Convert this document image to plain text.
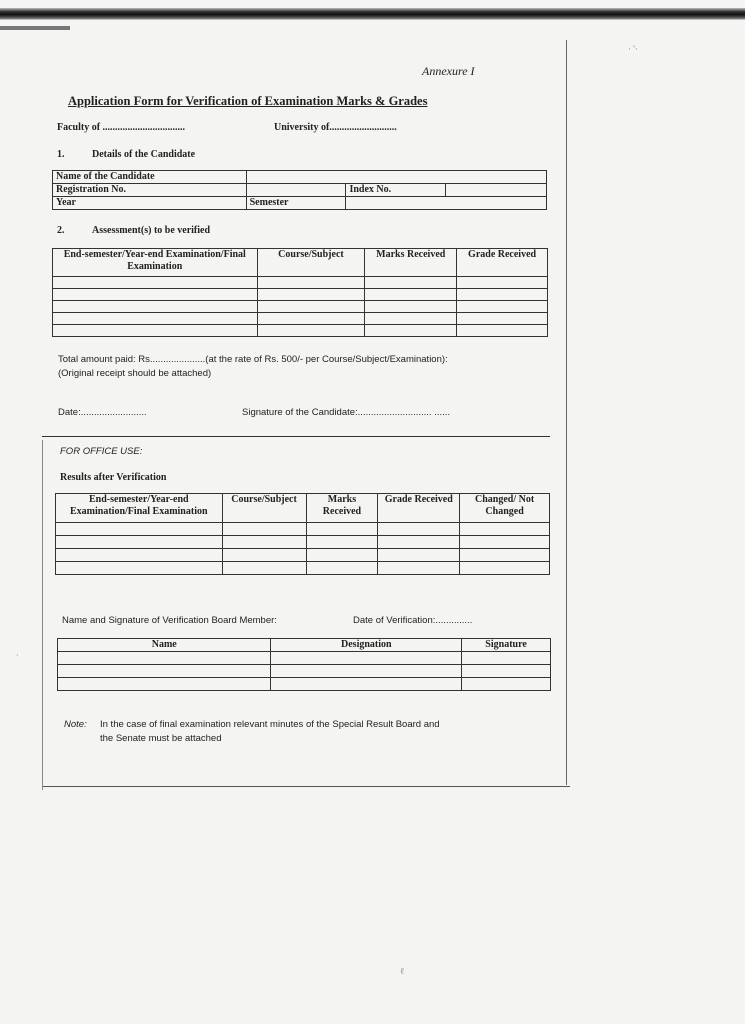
Annexure I
Application Form for Verification of Examination Marks & Grades
Faculty of .................................	University of...........................
1.	Details of the Candidate
Name of the Candidate			
Registration No.		Index No.	
Year	Semester		
2.	Assessment(s) to be verified
End-semester/Year-end Examination/Final Examination	Course/Subject	Marks Received	Grade Received

Total amount paid: Rs.....................(at the rate of Rs. 500/- per Course/Subject/Examination):
(Original receipt should be attached)
Date:.........................	Signature of the Candidate:............................ ......
FOR OFFICE USE:
Results after Verification
End-semester/Year-end Examination/Final Examination	Course/Subject	Marks Received	Grade Received	Changed/ Not Changed

Name and Signature of Verification Board Member:	Date of Verification:..............
Name	Designation	Signature

Note: In the case of final examination relevant minutes of the Special Result Board and
the Senate must be attached
· '·
·
ℓ
